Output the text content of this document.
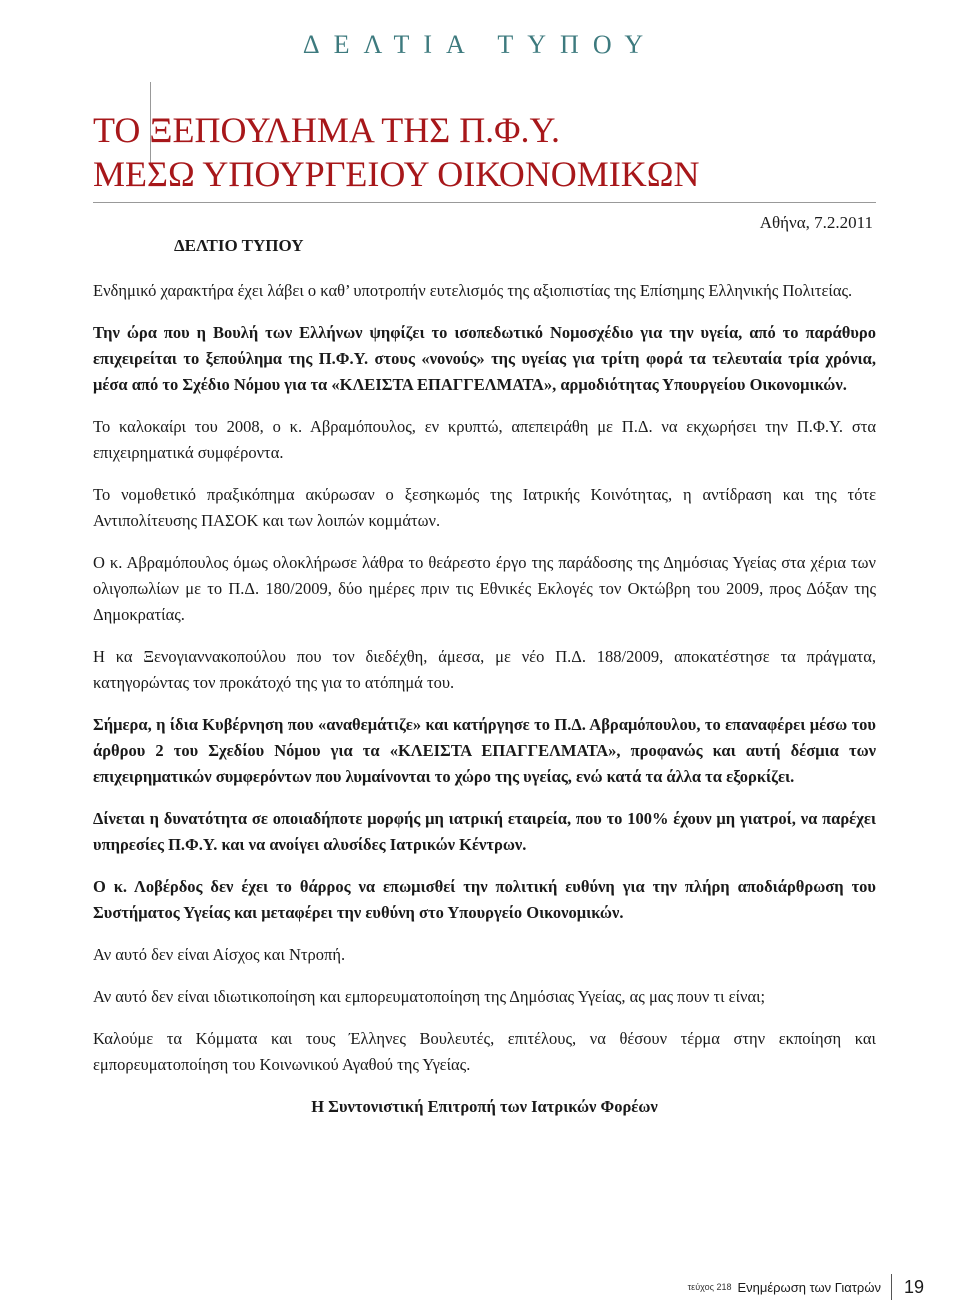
ΔΕΛΤΙΑ ΤΥΠΟΥ
ΤΟ ΞΕΠΟΥΛΗΜΑ ΤΗΣ Π.Φ.Υ.
ΜΕΣΩ ΥΠΟΥΡΓΕΙΟΥ ΟΙΚΟΝΟΜΙΚΩΝ
Αθήνα, 7.2.2011
ΔΕΛΤΙΟ ΤΥΠΟΥ

Ενδημικό χαρακτήρα έχει λάβει ο καθ’ υποτροπήν ευτελισμός της αξιοπιστίας της Επίσημης Ελληνικής Πολιτείας.

Την ώρα που η Βουλή των Ελλήνων ψηφίζει το ισοπεδωτικό Νομοσχέδιο για την υγεία, από το παράθυρο επιχειρείται το ξεπούλημα της Π.Φ.Υ. στους «νονούς» της υγείας για τρίτη φορά τα τελευταία τρία χρόνια, μέσα από το Σχέδιο Νόμου για τα «ΚΛΕΙΣΤΑ ΕΠΑΓΓΕΛΜΑΤΑ», αρμοδιότητας Υπουργείου Οικονομικών.

Το καλοκαίρι του 2008, ο κ. Αβραμόπουλος, εν κρυπτώ, απεπειράθη με Π.Δ. να εκχωρήσει την Π.Φ.Υ. στα επιχειρηματικά συμφέροντα.

Το νομοθετικό πραξικόπημα ακύρωσαν ο ξεσηκωμός της Ιατρικής Κοινότητας, η αντίδραση και της τότε Αντιπολίτευσης ΠΑΣΟΚ και των λοιπών κομμάτων.

Ο κ. Αβραμόπουλος όμως ολοκλήρωσε λάθρα το θεάρεστο έργο της παράδοσης της Δημόσιας Υγείας στα χέρια των ολιγοπωλίων με το Π.Δ. 180/2009, δύο ημέρες πριν τις Εθνικές Εκλογές τον Οκτώβρη του 2009, προς Δόξαν της Δημοκρατίας.

Η κα Ξενογιαννακοπούλου που τον διεδέχθη, άμεσα, με νέο Π.Δ. 188/2009, αποκατέστησε τα πράγματα, κατηγορώντας τον προκάτοχό της για το ατόπημά του.

Σήμερα, η ίδια Κυβέρνηση που «αναθεμάτιζε» και κατήργησε το Π.Δ. Αβραμόπουλου, το επαναφέρει μέσω του άρθρου 2 του Σχεδίου Νόμου για τα «ΚΛΕΙΣΤΑ ΕΠΑΓΓΕΛΜΑΤΑ», προφανώς και αυτή δέσμια των επιχειρηματικών συμφερόντων που λυμαίνονται το χώρο της υγείας, ενώ κατά τα άλλα τα εξορκίζει.

Δίνεται η δυνατότητα σε οποιαδήποτε μορφής μη ιατρική εταιρεία, που το 100% έχουν μη γιατροί, να παρέχει υπηρεσίες Π.Φ.Υ. και να ανοίγει αλυσίδες Ιατρικών Κέντρων.

Ο κ. Λοβέρδος δεν έχει το θάρρος να επωμισθεί την πολιτική ευθύνη για την πλήρη αποδιάρθρωση του Συστήματος Υγείας και μεταφέρει την ευθύνη στο Υπουργείο Οικονομικών.

Αν αυτό δεν είναι Αίσχος και Ντροπή.

Αν αυτό δεν είναι ιδιωτικοποίηση και εμπορευματοποίηση της Δημόσιας Υγείας, ας μας πουν τι είναι;

Καλούμε τα Κόμματα και τους Έλληνες Βουλευτές, επιτέλους, να θέσουν τέρμα στην εκποίηση και εμπορευματοποίηση του Κοινωνικού Αγαθού της Υγείας.

Η Συντονιστική Επιτροπή των Ιατρικών Φορέων

τεύχος 218 Ενημέρωση των Γιατρών 19
